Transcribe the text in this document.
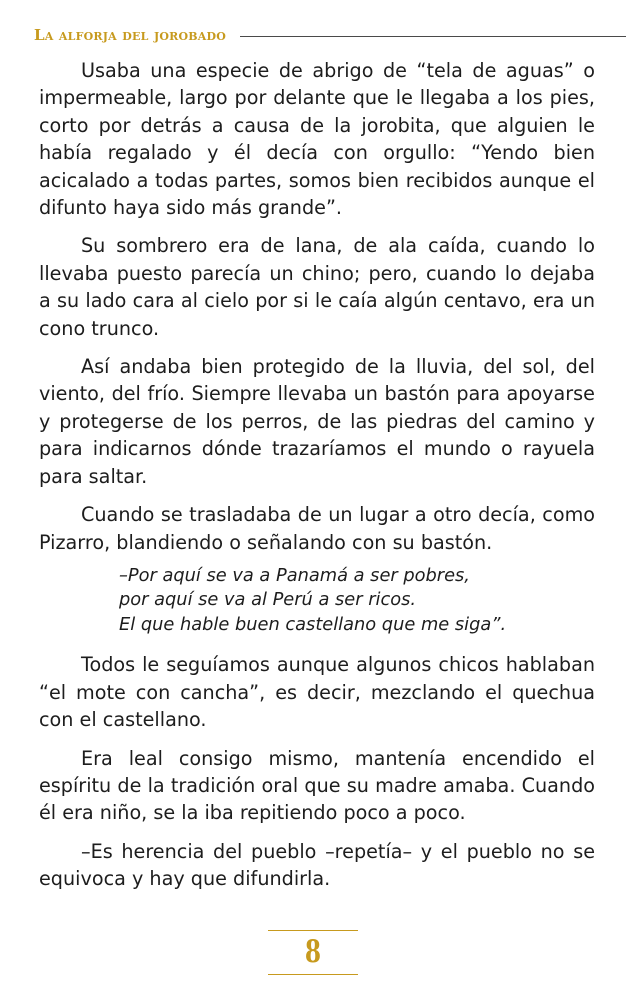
La alforja del jorobado

Usaba una especie de abrigo de “tela de aguas” o impermeable, largo por delante que le llegaba a los pies, corto por detrás a causa de la jorobita, que alguien le había regalado y él decía con orgullo: “Yendo bien acicalado a todas partes, somos bien recibidos aunque el difunto haya sido más grande”.

Su sombrero era de lana, de ala caída, cuando lo llevaba puesto parecía un chino; pero, cuando lo dejaba a su lado cara al cielo por si le caía algún centavo, era un cono trunco.

Así andaba bien protegido de la lluvia, del sol, del viento, del frío. Siempre llevaba un bastón para apoyarse y protegerse de los perros, de las piedras del camino y para indicarnos dónde trazaríamos el mundo o rayuela para saltar.

Cuando se trasladaba de un lugar a otro decía, como Pizarro, blandiendo o señalando con su bastón.

–Por aquí se va a Panamá a ser pobres,
por aquí se va al Perú a ser ricos.
El que hable buen castellano que me siga”.

Todos le seguíamos aunque algunos chicos hablaban “el mote con cancha”, es decir, mezclando el quechua con el castellano.

Era leal consigo mismo, mantenía encendido el espíritu de la tradición oral que su madre amaba. Cuando él era niño, se la iba repitiendo poco a poco.

–Es herencia del pueblo –repetía– y el pueblo no se equivoca y hay que difundirla.

8
